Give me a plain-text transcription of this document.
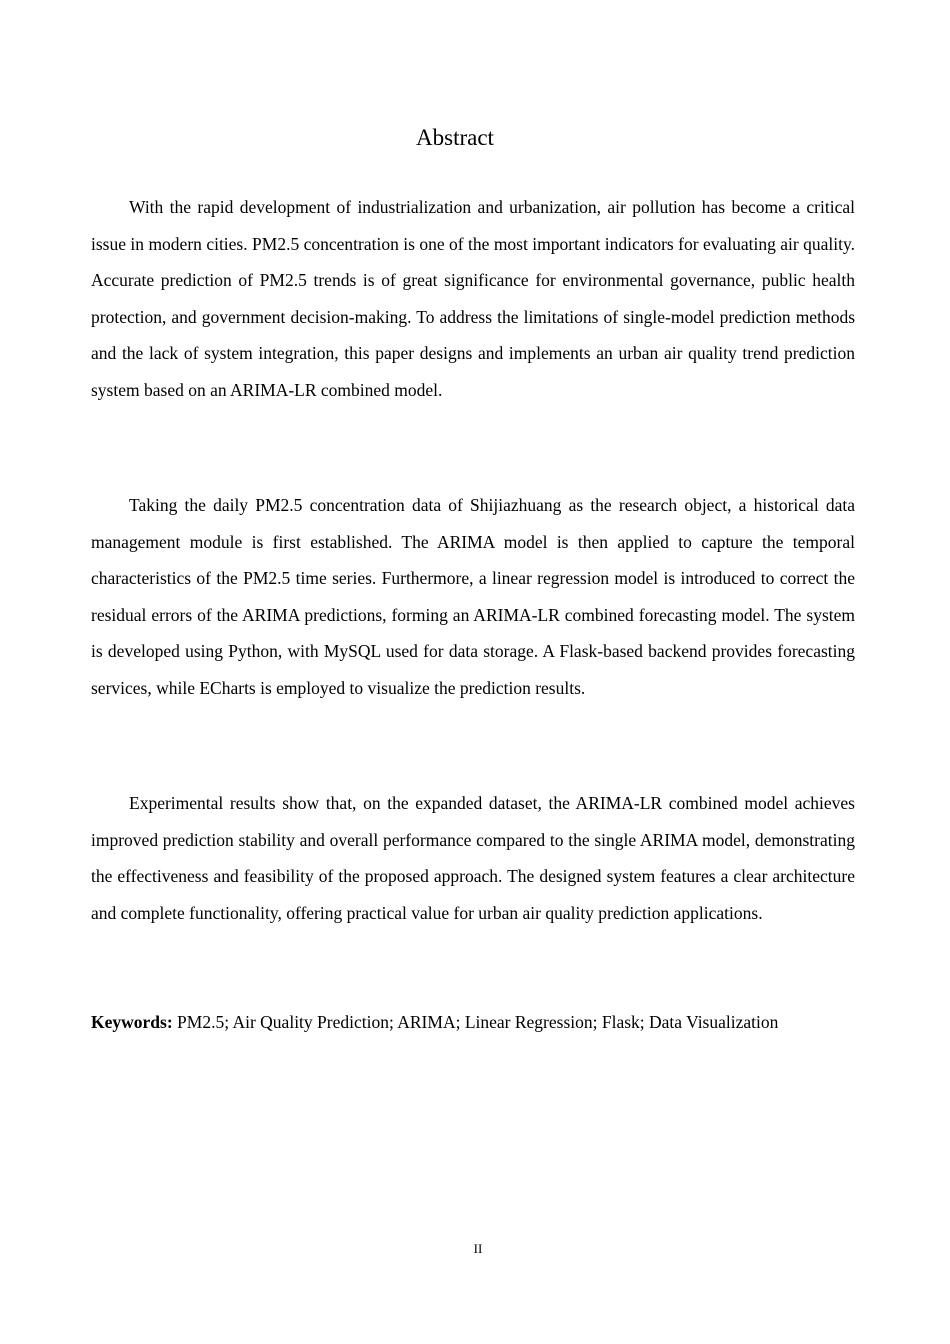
Abstract

With the rapid development of industrialization and urbanization, air pollution has become a critical issue in modern cities. PM2.5 concentration is one of the most important indicators for evaluating air quality. Accurate prediction of PM2.5 trends is of great significance for environmental governance, public health protection, and government decision-making. To address the limitations of single-model prediction methods and the lack of system integration, this paper designs and implements an urban air quality trend prediction system based on an ARIMA-LR combined model.

Taking the daily PM2.5 concentration data of Shijiazhuang as the research object, a historical data management module is first established. The ARIMA model is then applied to capture the temporal characteristics of the PM2.5 time series. Furthermore, a linear regression model is introduced to correct the residual errors of the ARIMA predictions, forming an ARIMA-LR combined forecasting model. The system is developed using Python, with MySQL used for data storage. A Flask-based backend provides forecasting services, while ECharts is employed to visualize the prediction results.

Experimental results show that, on the expanded dataset, the ARIMA-LR combined model achieves improved prediction stability and overall performance compared to the single ARIMA model, demonstrating the effectiveness and feasibility of the proposed approach. The designed system features a clear architecture and complete functionality, offering practical value for urban air quality prediction applications.

Keywords: PM2.5; Air Quality Prediction; ARIMA; Linear Regression; Flask; Data Visualization

II
